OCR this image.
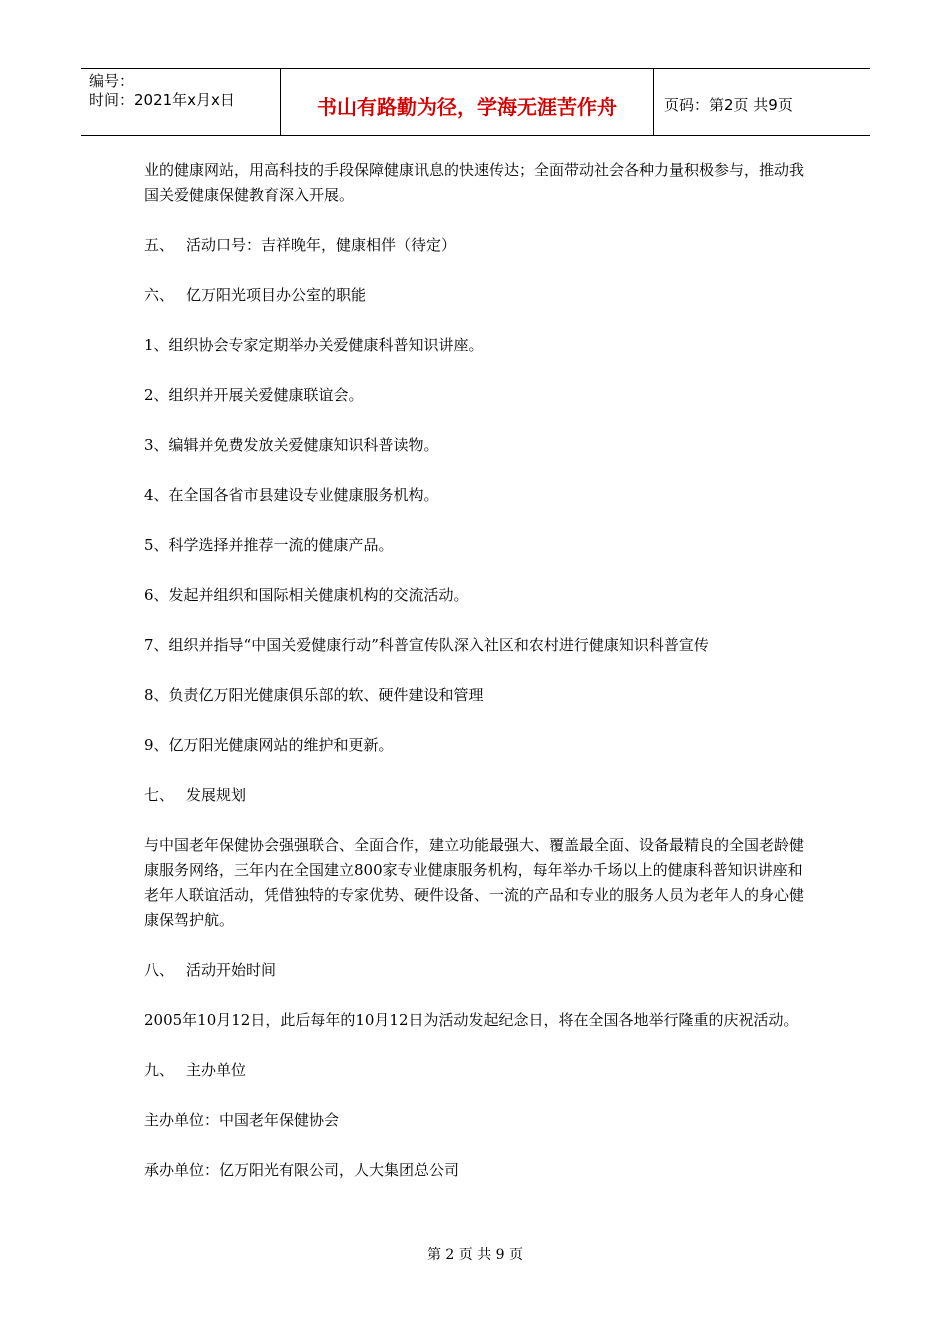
编号：
时间：2021年x月x日	书山有路勤为径，学海无涯苦作舟	页码：第2页 共9页

业的健康网站，用高科技的手段保障健康讯息的快速传达；全面带动社会各种力量积极参与，推动我国关爱健康保健教育深入开展。

五、 活动口号：吉祥晚年，健康相伴（待定）

六、 亿万阳光项目办公室的职能

1、组织协会专家定期举办关爱健康科普知识讲座。

2、组织并开展关爱健康联谊会。

3、编辑并免费发放关爱健康知识科普读物。

4、在全国各省市县建设专业健康服务机构。

5、科学选择并推荐一流的健康产品。

6、发起并组织和国际相关健康机构的交流活动。

7、组织并指导“中国关爱健康行动”科普宣传队深入社区和农村进行健康知识科普宣传

8、负责亿万阳光健康俱乐部的软、硬件建设和管理

9、亿万阳光健康网站的维护和更新。

七、 发展规划

与中国老年保健协会强强联合、全面合作，建立功能最强大、覆盖最全面、设备最精良的全国老龄健康服务网络，三年内在全国建立800家专业健康服务机构，每年举办千场以上的健康科普知识讲座和老年人联谊活动，凭借独特的专家优势、硬件设备、一流的产品和专业的服务人员为老年人的身心健康保驾护航。

八、 活动开始时间

2005年10月12日，此后每年的10月12日为活动发起纪念日，将在全国各地举行隆重的庆祝活动。

九、 主办单位

主办单位：中国老年保健协会

承办单位：亿万阳光有限公司，人大集团总公司

第 2 页 共 9 页
